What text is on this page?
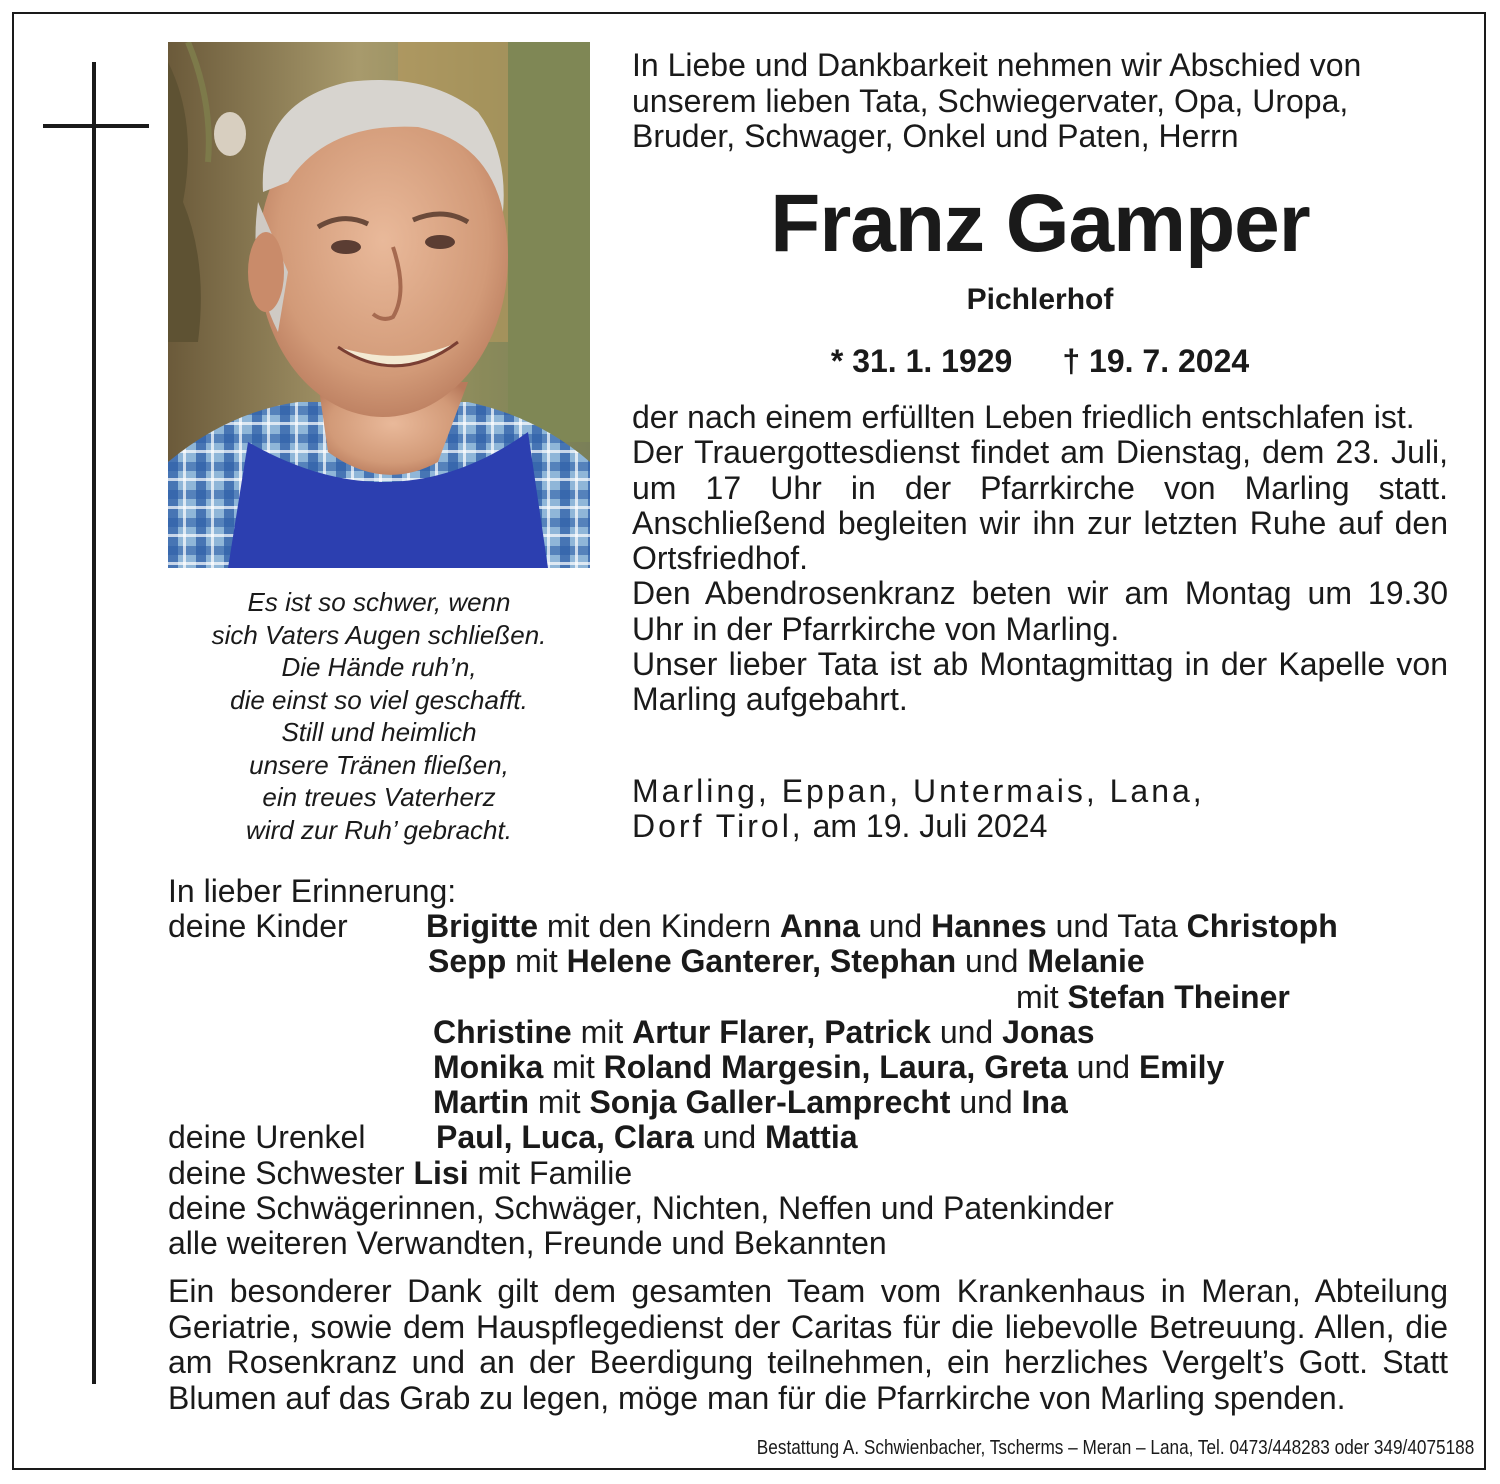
Es ist so schwer, wenn
sich Vaters Augen schließen.
Die Hände ruh’n,
die einst so viel geschafft.
Still und heimlich
unsere Tränen fließen,
ein treues Vaterherz
wird zur Ruh’ gebracht.
In Liebe und Dankbarkeit nehmen wir Abschied von unserem lieben Tata, Schwiegervater, Opa, Uropa, Bruder, Schwager, Onkel und Paten, Herrn
Franz Gamper
Pichlerhof
* 31. 1. 1929 † 19. 7. 2024

der nach einem erfüllten Leben friedlich entschlafen ist.

Der Trauergottesdienst findet am Dienstag, dem 23. Juli, um 17 Uhr in der Pfarrkirche von Marling statt. Anschließend begleiten wir ihn zur letzten Ruhe auf den Ortsfriedhof.

Den Abendrosenkranz beten wir am Montag um 19.30 Uhr in der Pfarrkirche von Marling.

Unser lieber Tata ist ab Montagmittag in der Kapelle von Marling aufgebahrt.

Marling, Eppan, Untermais, Lana,
Dorf Tirol, am 19. Juli 2024
In lieber Erinnerung:
deine Kinder Brigitte mit den Kindern Anna und Hannes und Tata Christoph
Sepp mit Helene Ganterer, Stephan und Melanie
mit Stefan Theiner
Christine mit Artur Flarer, Patrick und Jonas
Monika mit Roland Margesin, Laura, Greta und Emily
Martin mit Sonja Galler-Lamprecht und Ina
deine Urenkel Paul, Luca, Clara und Mattia
deine Schwester Lisi mit Familie
deine Schwägerinnen, Schwäger, Nichten, Neffen und Patenkinder
alle weiteren Verwandten, Freunde und Bekannten
Ein besonderer Dank gilt dem gesamten Team vom Krankenhaus in Meran, Abteilung Geriatrie, sowie dem Hauspflegedienst der Caritas für die liebevolle Betreuung. Allen, die am Rosenkranz und an der Beerdigung teilnehmen, ein herzliches Vergelt’s Gott. Statt Blumen auf das Grab zu legen, möge man für die Pfarrkirche von Marling spenden.
Bestattung A. Schwienbacher, Tscherms – Meran – Lana, Tel. 0473/448283 oder 349/4075188
